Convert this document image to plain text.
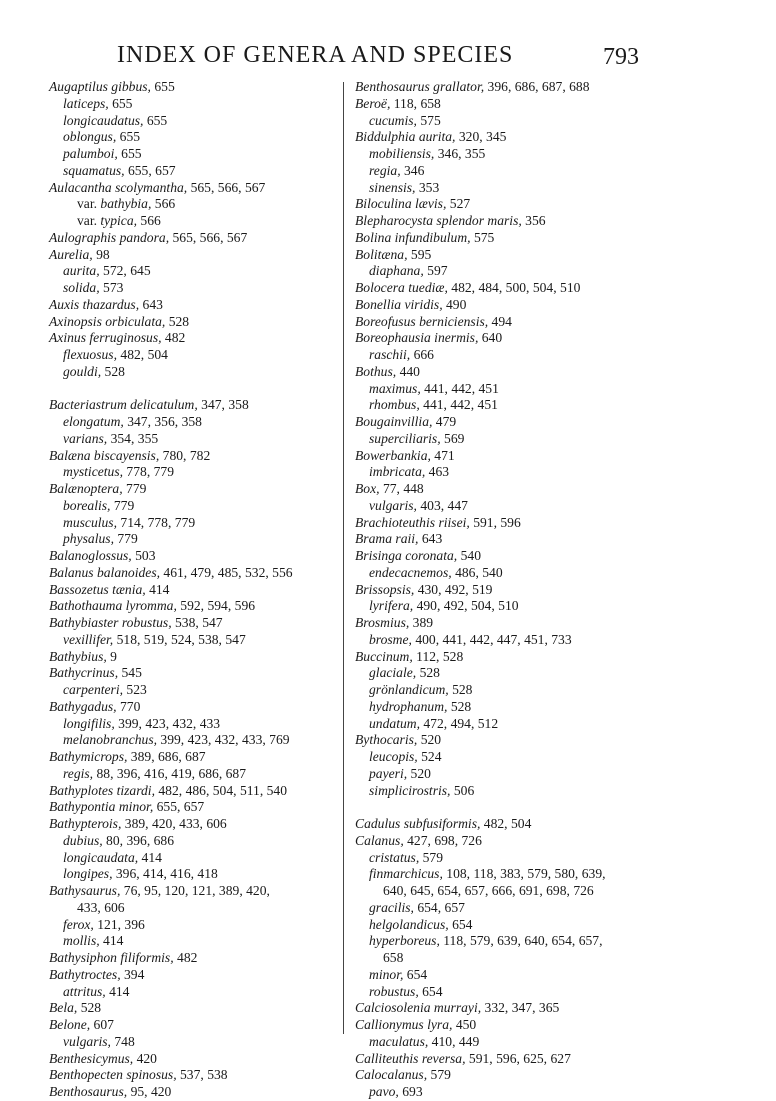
INDEX OF GENERA AND SPECIES	793
Augaptilus gibbus, 655
laticeps, 655
longicaudatus, 655
oblongus, 655
palumboi, 655
squamatus, 655, 657
Aulacantha scolymantha, 565, 566, 567
var. bathybia, 566
var. typica, 566
Aulographis pandora, 565, 566, 567
Aurelia, 98
aurita, 572, 645
solida, 573
Auxis thazardus, 643
Axinopsis orbiculata, 528
Axinus ferruginosus, 482
flexuosus, 482, 504
gouldi, 528
Bacteriastrum delicatulum, 347, 358
elongatum, 347, 356, 358
varians, 354, 355
Balæna biscayensis, 780, 782
mysticetus, 778, 779
Balænoptera, 779
borealis, 779
musculus, 714, 778, 779
physalus, 779
Balanoglossus, 503
Balanus balanoides, 461, 479, 485, 532, 556
Bassozetus tænia, 414
Bathothauma lyromma, 592, 594, 596
Bathybiaster robustus, 538, 547
vexillifer, 518, 519, 524, 538, 547
Bathybius, 9
Bathycrinus, 545
carpenteri, 523
Bathygadus, 770
longifilis, 399, 423, 432, 433
melanobranchus, 399, 423, 432, 433, 769
Bathymicrops, 389, 686, 687
regis, 88, 396, 416, 419, 686, 687
Bathyplotes tizardi, 482, 486, 504, 511, 540
Bathypontia minor, 655, 657
Bathypterois, 389, 420, 433, 606
dubius, 80, 396, 686
longicaudata, 414
longipes, 396, 414, 416, 418
Bathysaurus, 76, 95, 120, 121, 389, 420,
433, 606
ferox, 121, 396
mollis, 414
Bathysiphon filiformis, 482
Bathytroctes, 394
attritus, 414
Bela, 528
Belone, 607
vulgaris, 748
Benthesicymus, 420
Benthopecten spinosus, 537, 538
Benthosaurus, 95, 420
Benthosaurus grallator, 396, 686, 687, 688
Beroë, 118, 658
cucumis, 575
Biddulphia aurita, 320, 345
mobiliensis, 346, 355
regia, 346
sinensis, 353
Biloculina lævis, 527
Blepharocysta splendor maris, 356
Bolina infundibulum, 575
Bolitæna, 595
diaphana, 597
Bolocera tuediæ, 482, 484, 500, 504, 510
Bonellia viridis, 490
Boreofusus berniciensis, 494
Boreophausia inermis, 640
raschii, 666
Bothus, 440
maximus, 441, 442, 451
rhombus, 441, 442, 451
Bougainvillia, 479
superciliaris, 569
Bowerbankia, 471
imbricata, 463
Box, 77, 448
vulgaris, 403, 447
Brachioteuthis riisei, 591, 596
Brama raii, 643
Brisinga coronata, 540
endecacnemos, 486, 540
Brissopsis, 430, 492, 519
lyrifera, 490, 492, 504, 510
Brosmius, 389
brosme, 400, 441, 442, 447, 451, 733
Buccinum, 112, 528
glaciale, 528
grönlandicum, 528
hydrophanum, 528
undatum, 472, 494, 512
Bythocaris, 520
leucopis, 524
payeri, 520
simplicirostris, 506
Cadulus subfusiformis, 482, 504
Calanus, 427, 698, 726
cristatus, 579
finmarchicus, 108, 118, 383, 579, 580, 639,
640, 645, 654, 657, 666, 691, 698, 726
gracilis, 654, 657
helgolandicus, 654
hyperboreus, 118, 579, 639, 640, 654, 657,
658
minor, 654
robustus, 654
Calciosolenia murrayi, 332, 347, 365
Callionymus lyra, 450
maculatus, 410, 449
Calliteuthis reversa, 591, 596, 625, 627
Calocalanus, 579
pavo, 693
